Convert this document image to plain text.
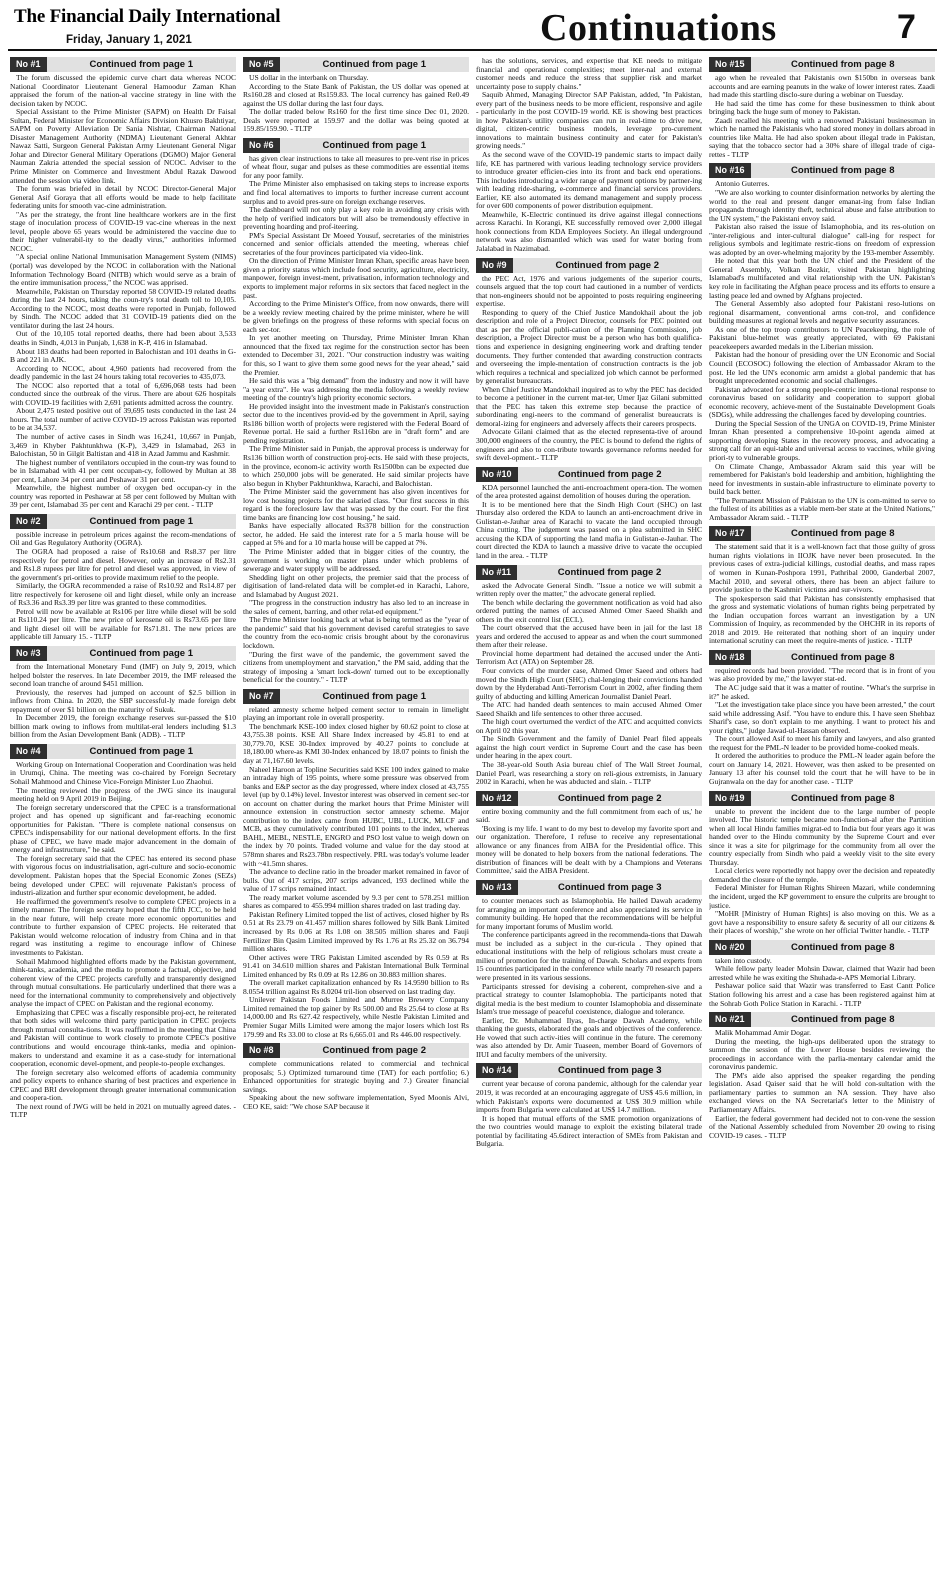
The Financial Daily International
Friday, January 1, 2021	Continuations	7
No #1	Continued from page 1

The forum discussed the epidemic curve chart data whereas NCOC National Coordinator Lieutenant General Hamoodur Zaman Khan appraised the forum of the nation-al vaccine strategy in line with the decision taken by NCOC.

Special Assistant to the Prime Minister (SAPM) on Health Dr Faisal Sultan, Federal Minister for Economic Affairs Division Khusro Bakhtiyar, SAPM on Poverty Alleviation Dr Sania Nishtar, Chairman National Disaster Management Authority (NDMA) Lieutenant General Akhtar Nawaz Satti, Surgeon General Pakistan Army Lieutenant General Nigar Johar and Director General Military Operations (DGMO) Major General Nauman Zakria attended the special session of NCOC. Adviser to the Prime Minister on Commerce and Investment Abdul Razak Dawood attended the session via video link.

The forum was briefed in detail by NCOC Director-General Major General Asif Goraya that all efforts would be made to help facilitate federating units for smooth vac-cine administration.

"As per the strategy, the front line healthcare workers are in the first stage of inoculation process of COVID-19 vac-cine whereas in the next level, people above 65 years would be administered the vaccine due to their higher vulnerabil-ity to the deadly virus," authorities informed NCOC.

"A special online National Immunisation Management System (NIMS) (portal) was developed by the NCOC in collaboration with the National Information Technology Board (NITB) which would serve as a brain of the entire immunisation process," the NCOC was apprised.

Meanwhile, Pakistan on Thursday reported 58 COVID-19 related deaths during the last 24 hours, taking the coun-try's total death toll to 10,105. According to the NCOC, most deaths were reported in Punjab, followed by Sindh. The NCOC added that 31 COVID-19 patients died on the ventilator during the last 24 hours.

Out of the 10,105 total reported deaths, there had been about 3,533 deaths in Sindh, 4,013 in Punjab, 1,638 in K-P, 416 in Islamabad.

About 183 deaths had been reported in Balochistan and 101 deaths in G-B and 221 in AJK.

According to NCOC, about 4,960 patients had recovered from the deadly pandemic in the last 24 hours taking total recoveries to 435,073.

The NCOC also reported that a total of 6,696,068 tests had been conducted since the outbreak of the virus. There are about 626 hospitals with COVID-19 facilities with 2,691 patients admitted across the country.

About 2,475 tested positive out of 39,695 tests conducted in the last 24 hours. The total number of active COVID-19 across Pakistan was reported to be at 34,537.

The number of active cases in Sindh was 16,241, 10,667 in Punjab, 3,469 in Khyber Pakhtunkhwa (K-P), 3,429 in Islamabad, 263 in Balochistan, 50 in Gilgit Baltistan and 418 in Azad Jammu and Kashmir.

The highest number of ventilators occupied in the coun-try was found to be in Islamabad with 41 per cent occupan-cy, followed by Multan at 38 per cent, Lahore 34 per cent and Peshawar 31 per cent.

Meanwhile, the highest number of oxygen bed occupan-cy in the country was reported in Peshawar at 58 per cent followed by Multan with 39 per cent, Islamabad 35 per cent and Karachi 29 per cent. - TLTP

No #2	Continued from page 1

possible increase in petroleum prices against the recom-mendations of Oil and Gas Regulatory Authority (OGRA).

The OGRA had proposed a raise of Rs10.68 and Rs8.37 per litre respectively for petrol and diesel. However, only an increase of Rs2.31 and Rs1.8 rupees per litre for petrol and diesel was approved, in view of the government's pri-orities to provide maximum relief to the people.

Similarly, the OGRA recommended a raise of Rs10.92 and Rs14.87 per litre respectively for kerosene oil and light diesel, while only an increase of Rs3.36 and Rs3.39 per litre was granted to these commodities.

Petrol will now be available at Rs106 per litre while diesel will be sold at Rs110.24 per litre. The new price of kerosene oil is Rs73.65 per litre and light diesel oil will be available for Rs71.81. The new prices are applicable till January 15. - TLTP

No #3	Continued from page 1

from the International Monetary Fund (IMF) on July 9, 2019, which helped bolster the reserves. In late December 2019, the IMF released the second loan tranche of around $451 million.

Previously, the reserves had jumped on account of $2.5 billion in inflows from China. In 2020, the SBP successful-ly made foreign debt repayment of over $1 billion on the maturity of Sukuk.

In December 2019, the foreign exchange reserves sur-passed the $10 billion mark owing to inflows from multilat-eral lenders including $1.3 billion from the Asian Development Bank (ADB). - TLTP

No #4	Continued from page 1

Working Group on International Cooperation and Coordination was held in Urumqi, China. The meeting was co-chaired by Foreign Secretary Sohail Mahmood and Chinese Vice-Foreign Minister Luo Zhaohui.

The meeting reviewed the progress of the JWG since its inaugural meeting held on 9 April 2019 in Beijing.

The foreign secretary underscored that the CPEC is a transformational project and has opened up significant and far-reaching economic opportunities for Pakistan. "There is complete national consensus on CPEC's indispensability for our national development efforts. In the first phase of CPEC, we have made major advancement in the domain of energy and infrastructure," he said.

The foreign secretary said that the CPEC has entered its second phase with vigorous focus on industrialisation, agri-culture and socio-economic development. Pakistan hopes that the Special Economic Zones (SEZs) being developed under CPEC will rejuvenate Pakistan's process of industri-alization and further spur economic development, he added.

He reaffirmed the government's resolve to complete CPEC projects in a timely manner. The foreign secretary hoped that the fifth JCC, to be held in the near future, will help create more economic opportunities and contribute to further expansion of CPEC projects. He reiterated that Pakistan would welcome relocation of industry from China and in that regard was instituting a regime to encourage inflow of Chinese investments to Pakistan.

Sohail Mahmood highlighted efforts made by the Pakistan government, think-tanks, academia, and the media to promote a factual, objective, and coherent view of the CPEC projects carefully and transparently designed through mutual consultations. He particularly underlined that there was a need for the international community to comprehensively and objectively analyse the impact of CPEC on Pakistan and the regional economy.

Emphasizing that CPEC was a fiscally responsible proj-ect, he reiterated that both sides will welcome third party participation in CPEC projects through mutual consulta-tions. It was reaffirmed in the meeting that China and Pakistan will continue to work closely to promote CPEC's positive contributions and would encourage think-tanks, media and opinion-makers to understand and examine it as a case-study for international cooperation, economic devel-opment, and people-to-people exchanges.

The foreign secretary also welcomed efforts of academia community and policy experts to enhance sharing of best practices and experience in CPEC and BRI development through greater international communication and coopera-tion.

The next round of JWG will be held in 2021 on mutually agreed dates. - TLTP

No #5	Continued from page 1

US dollar in the interbank on Thursday.

According to the State Bank of Pakistan, the US dollar was opened at Rs160.28 and closed at Rs159.83. The local currency has gained Re0.49 against the US dollar during the last four days.

The dollar traded below Rs160 for the first time since Dec 01, 2020. Deals were reported at 159.97 and the dollar was being quoted at 159.85/159.90. - TLTP

No #6	Continued from page 1

has given clear instructions to take all measures to pre-vent rise in prices of wheat flour, sugar and pulses as these commodities are essential items for any poor family.

The Prime Minister also emphasised on taking steps to increase exports and find local alternatives to imports to further increase current account surplus and to avoid pres-sure on foreign exchange reserves.

The dashboard will not only play a key role in avoiding any crisis with the help of verified indicators but will also be tremendously effective in preventing hoarding and prof-iteering.

PM's Special Assistant Dr Moeed Yousuf, secretaries of the ministries concerned and senior officials attended the meeting, whereas chief secretaries of the four provinces participated via video-link.

On the direction of Prime Minister Imran Khan, specific areas have been given a priority status which include food security, agriculture, electricity, manpower, foreign invest-ment, privatisation, information technology and exports to implement major reforms in six sectors that faced neglect in the past.

According to the Prime Minister's Office, from now onwards, there will be a weekly review meeting chaired by the prime minister, where he will be given briefings on the progress of these reforms with special focus on each sec-tor.

In yet another meeting on Thursday, Prime Minister Imran Khan announced that the fixed tax regime for the construction sector has been extended to December 31, 2021. "Our construction industry was waiting for this, so I want to give them some good news for the year ahead," said the Premier.

He said this was a "big demand" from the industry and now it will have "a year extra". He was addressing the media following a weekly review meeting of the country's high priority economic sectors.

He provided insight into the investment made in Pakistan's construction sector due to the incentives provid-ed by the government in April, saying Rs186 billion worth of projects were registered with the Federal Board of Revenue portal. He said a further Rs116bn are in "draft form" and are pending registration.

The Prime Minister said in Punjab, the approval process is underway for Rs136 billion worth of construction proj-ects. He said with these projects, in the province, econom-ic activity worth Rs1500bn can be expected due to which 250,000 jobs will be generated. He said similar projects have also begun in Khyber Pakhtunkhwa, Karachi, and Balochistan.

The Prime Minister said the government has also given incentives for low cost housing projects for the salaried class. "Our first success in this regard is the foreclosure law that was passed by the court. For the first time banks are financing low cost housing," he said.

Banks have especially allocated Rs378 billion for the construction sector, he added. He said the interest rate for a 5 marla house will be capped at 5% and for a 10 marla house will be capped at 7%.

The Prime Minister added that in bigger cities of the country, the government is working on master plans under which problems of sewerage and water supply will be addressed.

Shedding light on other projects, the premier said that the process of digitisation of land-related data will be complet-ed in Karachi, Lahore, and Islamabad by August 2021.

"The progress in the construction industry has also led to an increase in the sales of cement, barring, and other relat-ed equipment."

The Prime Minister looking back at what is being termed as the "year of the pandemic" said that his government devised careful strategies to save the country from the eco-nomic crisis brought about by the coronavirus lockdown.

"During the first wave of the pandemic, the government saved the citizens from unemployment and starvation," the PM said, adding that the strategy of imposing a 'smart lock-down' turned out to be exceptionally beneficial for the country." - TLTP

No #7	Continued from page 1

related amnesty scheme helped cement sector to remain in limelight playing an important role in overall prosperity.

The benchmark KSE-100 index closed higher by 60.62 point to close at 43,755.38 points. KSE All Share Index increased by 45.81 to end at 30,779.70, KSE 30-Index improved by 40.27 points to conclude at 18,180.00 where-as KMI 30-Index enhanced by 18.07 points to finish the day at 71,167.60 levels.

Naheel Haroon at Topline Securities said KSE 100 index gained to make an intraday high of 195 points, where some pressure was observed from banks and E&P sector as the day progressed, where index closed at 43,755 level (up by 0.14%) level. Investor interest was observed in cement sec-tor on account on chatter during the market hours that Prime Minister will announce extension in construction sector amnesty scheme. Major contribution to the index came from HUBC, UBL, LUCK, MLCF and MCB, as they cumulatively contributed 101 points to the index, whereas BAHL, MEBL, NESTLE, ENGRO and PSO lost value to weigh down on the index by 70 points. Traded volume and value for the day stood at 578mn shares and Rs23.78bn respectively. PRL was today's volume leader with ~41.5mn shares.

The advance to decline ratio in the broader market remained in favor of bulls. Out of 417 scrips, 207 scrips advanced, 193 declined while the value of 17 scrips remained intact.

The ready market volume ascended by 9.3 per cent to 578.251 million shares as compared to 455.994 million shares traded on last trading day.

Pakistan Refinery Limited topped the list of actives, closed higher by Rs 0.51 at Rs 23.79 on 41.457 million shares followed by Silk Bank Limited increased by Rs 0.06 at Rs 1.08 on 38.505 million shares and Fauji Fertilizer Bin Qasim Limited improved by Rs 1.76 at Rs 25.32 on 36.794 million shares.

Other actives were TRG Pakistan Limited ascended by Rs 0.59 at Rs 91.41 on 34.610 million shares and Pakistan International Bulk Terminal Limited enhanced by Rs 0.09 at Rs 12.86 on 30.883 million shares.

The overall market capitalization enhanced by Rs 14.9590 billion to Rs 8.0554 trillion against Rs 8.0204 tril-lion observed on last trading day.

Unilever Pakistan Foods Limited and Murree Brewery Company Limited remained the top gainer by Rs 500.00 and Rs 25.64 to close at Rs 14,000.00 and Rs 627.42 respectively, while Nestle Pakistan Limited and Premier Sugar Mills Limited were among the major losers which lost Rs 179.99 and Rs 33.00 to close at Rs 6,665.01 and Rs 446.00 respectively.

No #8	Continued from page 2

complete communications related to commercial and technical proposals; 5.) Optimized turnaround time (TAT) for each portfolio; 6.) Enhanced opportunities for strategic buying and 7.) Greater financial savings.

Speaking about the new software implementation, Syed Moonis Alvi, CEO KE, said: "We chose SAP because it

has the solutions, services, and expertise that KE needs to mitigate financial and operational complexities; meet inter-nal and external customer needs and reduce the stress that supplier risk and market uncertainty pose to supply chains."

Saquib Ahmed, Managing Director SAP Pakistan, added, "In Pakistan, every part of the business needs to be more efficient, responsive and agile - particularly in the post COVID-19 world. KE is showing best practices in how Pakistan's utility companies can run in real-time to drive new, digital, citizen-centric business models, leverage pro-curement innovations to maintain business continuity and cater for Pakistan's growing needs."

As the second wave of the COVID-19 pandemic starts to impact daily life, KE has partnered with various leading technology service providers to introduce greater efficien-cies into its front and back end operations. This includes introducing a wider range of payment options by partner-ing with leading ride-sharing, e-commerce and financial services providers. Earlier, KE also automated its demand management and supply process for over 600 components of power distribution equipment.

Meanwhile, K-Electric continued its drive against illegal connections across Karachi. In Korangi, KE successfully removed over 2,000 illegal hook connections from KDA Employees Society. An illegal underground network was also dismantled which was used for water boring from Jalalabad in Nazimabad.

No #9	Continued from page 2

the PEC Act, 1976 and various judgements of the superior courts, counsels argued that the top court had cautioned in a number of verdicts that non-engineers should not be appointed to posts requiring engineering expertise.

Responding to query of the Chief Justice Mandokhail about the job description and role of a Project Director, counsels for PEC pointed out that as per the official publi-cation of the Planning Commission, job description, a Project Director must be a person who has both qualifica-tions and experience in designing engineering work and drafting tender documents. They further contended that awarding construction contracts and overseeing the imple-mentation of construction contracts is the job which requires a technical and specialized job which cannot be performed by generalist bureaucrats.

When Chief Justice Mandokhail inquired as to why the PEC has decided to become a petitioner in the current mat-ter, Umer Ijaz Gilani submitted that the PEC has taken this extreme step because the practice of subordinating engi-neers to the command of generalist bureaucrats is demoral-izing for engineers and adversely affects their careers prospects.

Advocate Gilani claimed that as the elected representa-tive of around 300,000 engineers of the country, the PEC is bound to defend the rights of engineers and also to con-tribute towards governance reforms needed for swift devel-opment.- TLTP

No #10	Continued from page 2

KDA personnel launched the anti-encroachment opera-tion. The women of the area protested against demolition of houses during the operation.

It is to be mentioned here that the Sindh High Court (SHC) on last Thursday also ordered the KDA to launch an anti-encroachment drive in Gulistan-e-Jauhar area of Karachi to vacate the land occupied through China cutting. The judgement was passed on a plea submitted in SHC accusing the KDA of supporting the land mafia in Gulistan-e-Jauhar. The court directed the KDA to launch a massive drive to vacate the occupied land in the area. - TLTP

No #11	Continued from page 2

asked the Advocate General Sindh. "Issue a notice we will submit a written reply over the matter," the advocate general replied.

The bench while declaring the government notification as void had also ordered putting the names of accused Ahmed Omer Saeed Shaikh and others in the exit control list (ECL).

The court observed that the accused have been in jail for the last 18 years and ordered the accused to appear as and when the court summoned them after their release.

Provincial home department had detained the accused under the Anti-Terrorism Act (ATA) on September 28.

Four convicts of the murder case, Ahmed Omer Saeed and others had moved the Sindh High Court (SHC) chal-lenging their convictions handed down by the Hyderabad Anti-Terrorism Court in 2002, after finding them guilty of abducting and killing American Journalist Daniel Pearl.

The ATC had handed death sentences to main accused Ahmed Omer Saeed Shaikh and life sentences to other three accused.

The high court overturned the verdict of the ATC and acquitted convicts on April 02 this year.

The Sindh Government and the family of Daniel Pearl filed appeals against the high court verdict in Supreme Court and the case has been under hearing in the apex court.

The 38-year-old South Asia bureau chief of The Wall Street Journal, Daniel Pearl, was researching a story on reli-gious extremists, in January 2002 in Karachi, when he was abducted and slain. - TLTP

No #12	Continued from page 2

entire boxing community and the full commitment from each of us,' he said.

'Boxing is my life. I want to do my best to develop my favorite sport and our organization. Therefore, I refuse to receive any representational allowance or any finances from AIBA for the Presidential office. This money will be donated to help boxers from the national federations. The distribution of finances will be dealt with by a Champions and Veterans Committee,' said the AIBA President.

No #13	Continued from page 3

to counter menaces such as Islamophobia. He hailed Dawah academy for arranging an important conference and also appreciated its service in community building. He hoped that the recommendations will be helpful for many important forums of Muslim world.

The conference participants agreed in the recommenda-tions that Dawah must be included as a subject in the cur-ricula . They opined that educational institutions with the help of religious scholars must create a milieu of promotion for the training of Dawah. Scholars and experts from 15 countries participated in the conference while nearly 70 research papers were presented in its various sessions.

Participants stressed for devising a coherent, comprehen-sive and a practical strategy to counter Islamophobia. The participants noted that digital media is the best medium to counter Islamophobia and disseminate Islam's true message of peaceful coexistence, dialogue and tolerance.

Earlier, Dr. Muhammad Ilyas, In-charge Dawah Academy, while thanking the guests, elaborated the goals and objectives of the conference. He vowed that such activ-ities will continue in the future. The ceremony was also attended by Dr. Amir Tuaseen, member Board of Governors of IIUI and faculty members of the university.

No #14	Continued from page 3

current year because of corona pandemic, although for the calendar year 2019, it was recorded at an encouraging aggregate of US$ 45.6 million, in which Pakistan's exports were documented at US$ 30.9 million while imports from Bulgaria were calculated at US$ 14.7 million.

It is hoped that mutual efforts of the SME promotion organizations of the two countries would manage to exploit the existing bilateral trade potential by facilitating 45.6direct interaction of SMEs from Pakistan and Bulgaria.

No #15	Continued from page 8

ago when he revealed that Pakistanis own $150bn in overseas bank accounts and are earning peanuts in the wake of lower interest rates. Zaadi had made this startling disclo-sure during a webinar on Tuesday.

He had said the time has come for these businessmen to think about bringing back the huge sum of money to Pakistan.

Zaadi recalled his meeting with a renowned Pakistani businessman in which he named the Pakistanis who had stored money in dollars abroad in countries like Malta. He had also spoken about illegal trade in Pakistan, saying that the tobacco sector had a 30% share of illegal trade of ciga-rettes - TLTP

No #16	Continued from page 8

Antonio Guterres.

"We are also working to counter disinformation networks by alerting the world to the real and present danger emanat-ing from false Indian propaganda through identity theft, technical abuse and false attribution to the UN system," the Pakistani envoy said.

Pakistan also raised the issue of Islamophobia, and its res-olution on "inter-religious and inter-cultural dialogue" call-ing for respect for religious symbols and legitimate restric-tions on freedom of expression was adopted by an over-whelming majority by the 193-member Assembly.

He noted that this year both the UN chief and the President of the General Assembly, Volkan Bozkir, visited Pakistan highlighting Islamabad's multifaceted and vital relationship with the UN. Pakistan's key role in facilitating the Afghan peace process and its efforts to ensure a lasting peace led and owned by Afghans projected.

The General Assembly also adopted four Pakistani reso-lutions on regional disarmament, conventional arms con-trol, and confidence building measures at regional levels and negative security assurances.

As one of the top troop contributors to UN Peacekeeping, the role of Pakistani blue-helmet was greatly appreciated, with 69 Pakistani peacekeepers awarded medals in the Liberian mission.

Pakistan had the honour of presiding over the UN Economic and Social Council (ECOSOC) following the election of Ambassador Akram to the post. He led the UN's economic arm amidst a global pandemic that has brought unprecedented economic and social challenges.

Pakistan advocated for a strong people-centric interna-tional response to coronavirus based on solidarity and cooperation to support global economic recovery, achieve-ment of the Sustainable Development Goals (SDGs), while addressing the challenges faced by developing countries.

During the Special Session of the UNGA on COVID-19, Prime Minister Imran Khan presented a comprehensive 10-point agenda aimed at supporting developing States in the recovery process, and advocating a strong call for an equi-table and universal access to vaccines, while giving priori-ty to vulnerable groups.

On Climate Change, Ambassador Akram said this year will be remembered for Pakistan's bold leadership and ambition, highlighting the need for investments in sustain-able infrastructure to eliminate poverty to build back better.

"The Permanent Mission of Pakistan to the UN is com-mitted to serve to the fullest of its abilities as a viable mem-ber state at the United Nations," Ambassador Akram said. - TLTP

No #17	Continued from page 8

The statement said that it is a well-known fact that those guilty of gross human rights violations in IIOJK have never been prosecuted. In the previous cases of extra-judicial killings, custodial deaths, and mass rapes of women in Kunan-Poshpora 1991, Pathribal 2000, Ganderbal 2007, Machil 2010, and several others, there has been an abject failure to provide justice to the Kashmiri victims and sur-vivors.

The spokesperson said that Pakistan has consistently emphasised that the gross and systematic violations of human rights being perpetrated by the Indian occupation forces warrant an investigation by a UN Commission of Inquiry, as recommended by the OHCHR in its reports of 2018 and 2019. He reiterated that nothing short of an inquiry under international scrutiny can meet the require-ments of justice. - TLTP

No #18	Continued from page 8

required records had been provided. "The record that is in front of you was also provided by me," the lawyer stat-ed.

The AC judge said that it was a matter of routine. "What's the surprise in it?" he asked.

"Let the investigation take place since you have been arrested," the court said while addressing Asif. "You have to endure this. I have seen Shehbaz Sharif's case, so don't explain to me anything. I want to protect his and your rights," judge Jawad-ul-Hassan observed.

The court allowed Asif to meet his family and lawyers, and also granted the request for the PML-N leader to be provided home-cooked meals.

It ordered the authorities to produce the PML-N leader again before the court on January 14, 2021. However, was then asked to be presented on January 13 after his counsel told the court that he will have to be in Gujranwala on the day for another case. - TLTP

No #19	Continued from page 8

unable to prevent the incident due to the large number of people involved. The historic temple became non-function-al after the Partition when all local Hindu families migrat-ed to India but four years ago it was handed over to the Hindu community by the Supreme Court and ever since it was a site for pilgrimage for the community from all over the country especially from Sindh who paid a weekly visit to the site every Thursday.

Local clerics were reportedly not happy over the decision and repeatedly demanded the closure of the temple.

Federal Minister for Human Rights Shireen Mazari, while condemning the incident, urged the KP government to ensure the culprits are brought to justice.

"MoHR [Ministry of Human Rights] is also moving on this. We as a govt have a responsibility to ensure safety & security of all our citizens & their places of worship," she wrote on her official Twitter handle. - TLTP

No #20	Continued from page 8

taken into custody.

While fellow party leader Mohsin Dawar, claimed that Wazir had been arrested while he was exiting the Shuhada-e-APS Memorial Library.

Peshawar police said that Wazir was transferred to East Cantt Police Station following his arrest and a case has been registered against him at the Sohrab Goth Police Station in Karachi. - TLTP

No #21	Continued from page 8

Malik Mohammad Amir Dogar.

During the meeting, the high-ups deliberated upon the strategy to summon the session of the Lower House besides reviewing the proceedings in accordance with the parlia-mentary calendar amid the coronavirus pandemic.

The PM's aide also apprised the speaker regarding the pending legislation. Asad Qaiser said that he will hold con-sultation with the parliamentary parties to summon an NA session. They have also exchanged views on the NA Secretariat's letter to the Ministry of Parliamentary Affairs.

Earlier, the federal government had decided not to con-vene the session of the National Assembly scheduled from November 20 owing to rising COVID-19 cases. - TLTP
